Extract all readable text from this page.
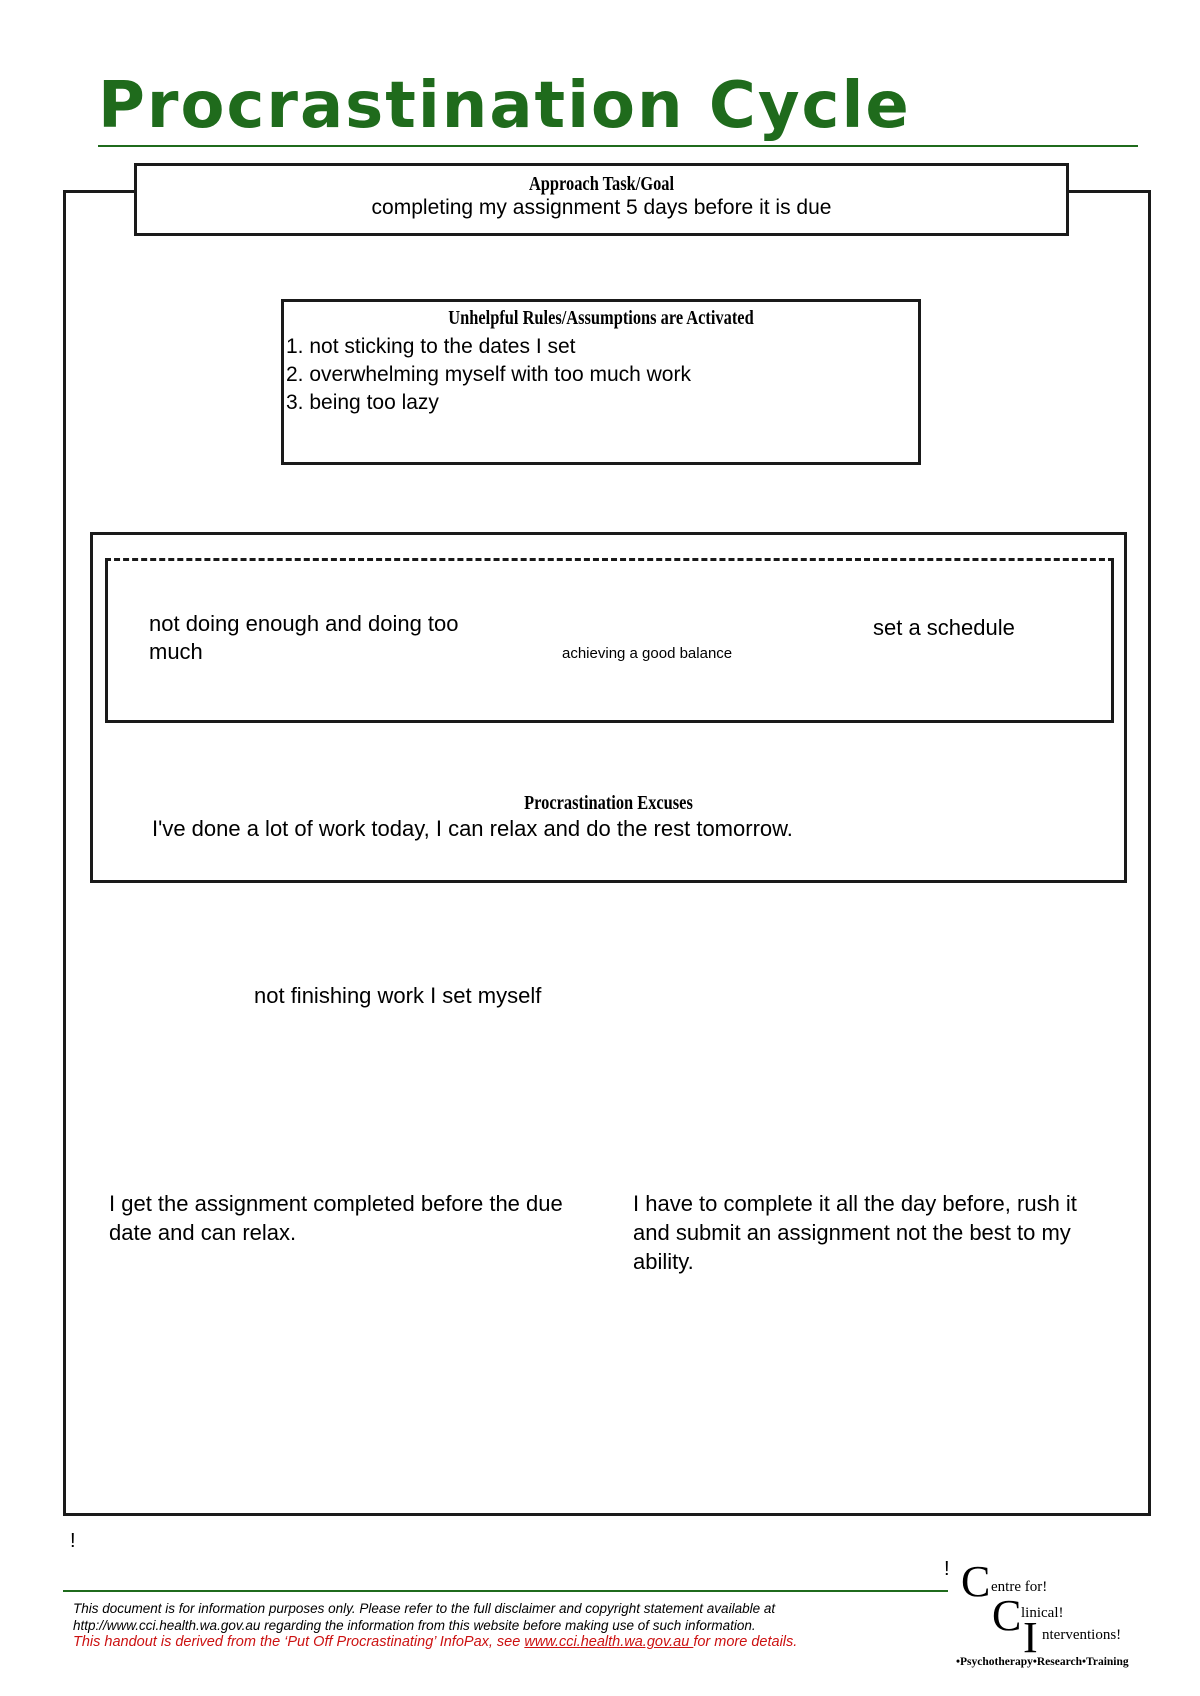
Procrastination Cycle
Approach Task/Goal
completing my assignment 5 days before it is due
Unhelpful Rules/Assumptions are Activated
1. not sticking to the dates I set
2. overwhelming myself with too much work
3. being too lazy
not doing enough and doing too much	achieving a good balance
set a schedule
Procrastination Excuses
I've done a lot of work today, I can relax and do the rest tomorrow.
not finishing work I set myself
I get the assignment completed before the due date and can relax.
I have to complete it all the day before, rush it and submit an assignment not the best to my ability.
!
!
This document is for information purposes only. Please refer to the full disclaimer and copyright statement available at http://www.cci.health.wa.gov.au regarding the information from this website before making use of such information.
This handout is derived from the ‘Put Off Procrastinating’ InfoPax, see www.cci.health.wa.gov.au for more details.
C entre for!
C linical!
I nterventions!
•Psychotherapy•Research•Training
